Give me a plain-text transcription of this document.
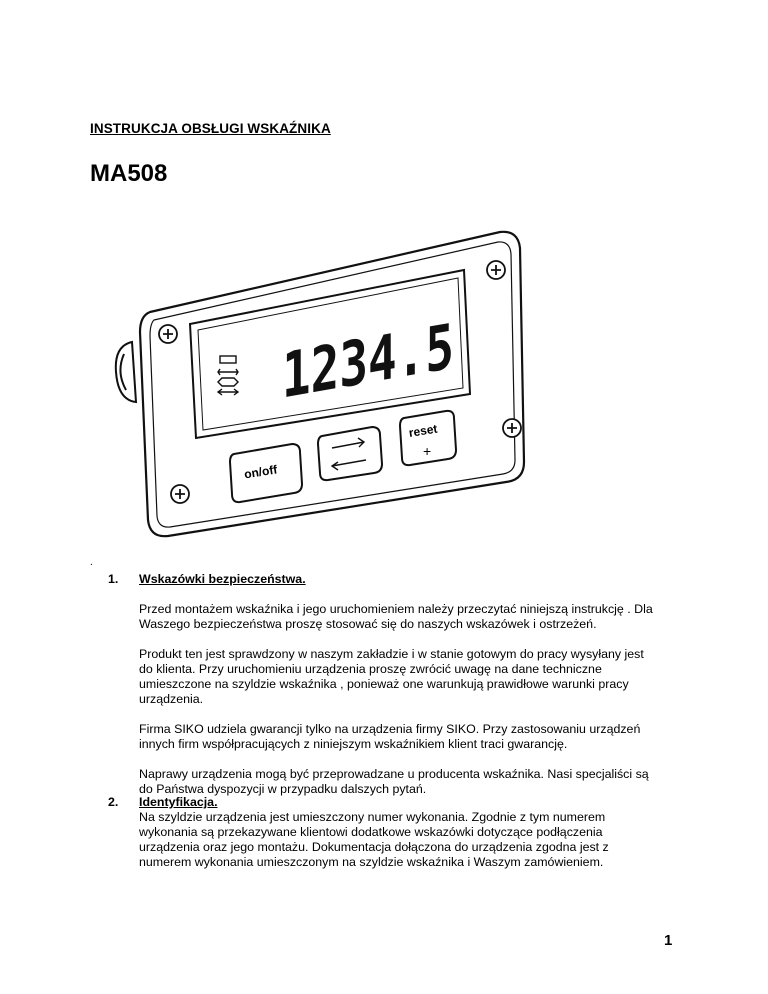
INSTRUKCJA OBSŁUGI WSKAŹNIKA
MA508
1234.5
on/off
reset
+
.
1. Wskazówki bezpieczeństwa.
Przed montażem wskaźnika i jego uruchomieniem należy przeczytać niniejszą instrukcję . Dla
Waszego bezpieczeństwa proszę stosować się do naszych wskazówek i ostrzeżeń.
Produkt ten jest sprawdzony w naszym zakładzie i w stanie gotowym do pracy wysyłany jest
do klienta. Przy uruchomieniu urządzenia proszę zwrócić uwagę na dane techniczne
umieszczone na szyldzie wskaźnika , ponieważ one warunkują prawidłowe warunki pracy
urządzenia.
Firma SIKO udziela gwarancji tylko na urządzenia firmy SIKO. Przy zastosowaniu urządzeń
innych firm współpracujących z niniejszym wskaźnikiem klient traci gwarancję.
Naprawy urządzenia mogą być przeprowadzane u producenta wskaźnika. Nasi specjaliści są
do Państwa dyspozycji w przypadku dalszych pytań.
2. Identyfikacja.
Na szyldzie urządzenia jest umieszczony numer wykonania. Zgodnie z tym numerem
wykonania są przekazywane klientowi dodatkowe wskazówki dotyczące podłączenia
urządzenia oraz jego montażu. Dokumentacja dołączona do urządzenia zgodna jest z
numerem wykonania umieszczonym na szyldzie wskaźnika i Waszym zamówieniem.
1
